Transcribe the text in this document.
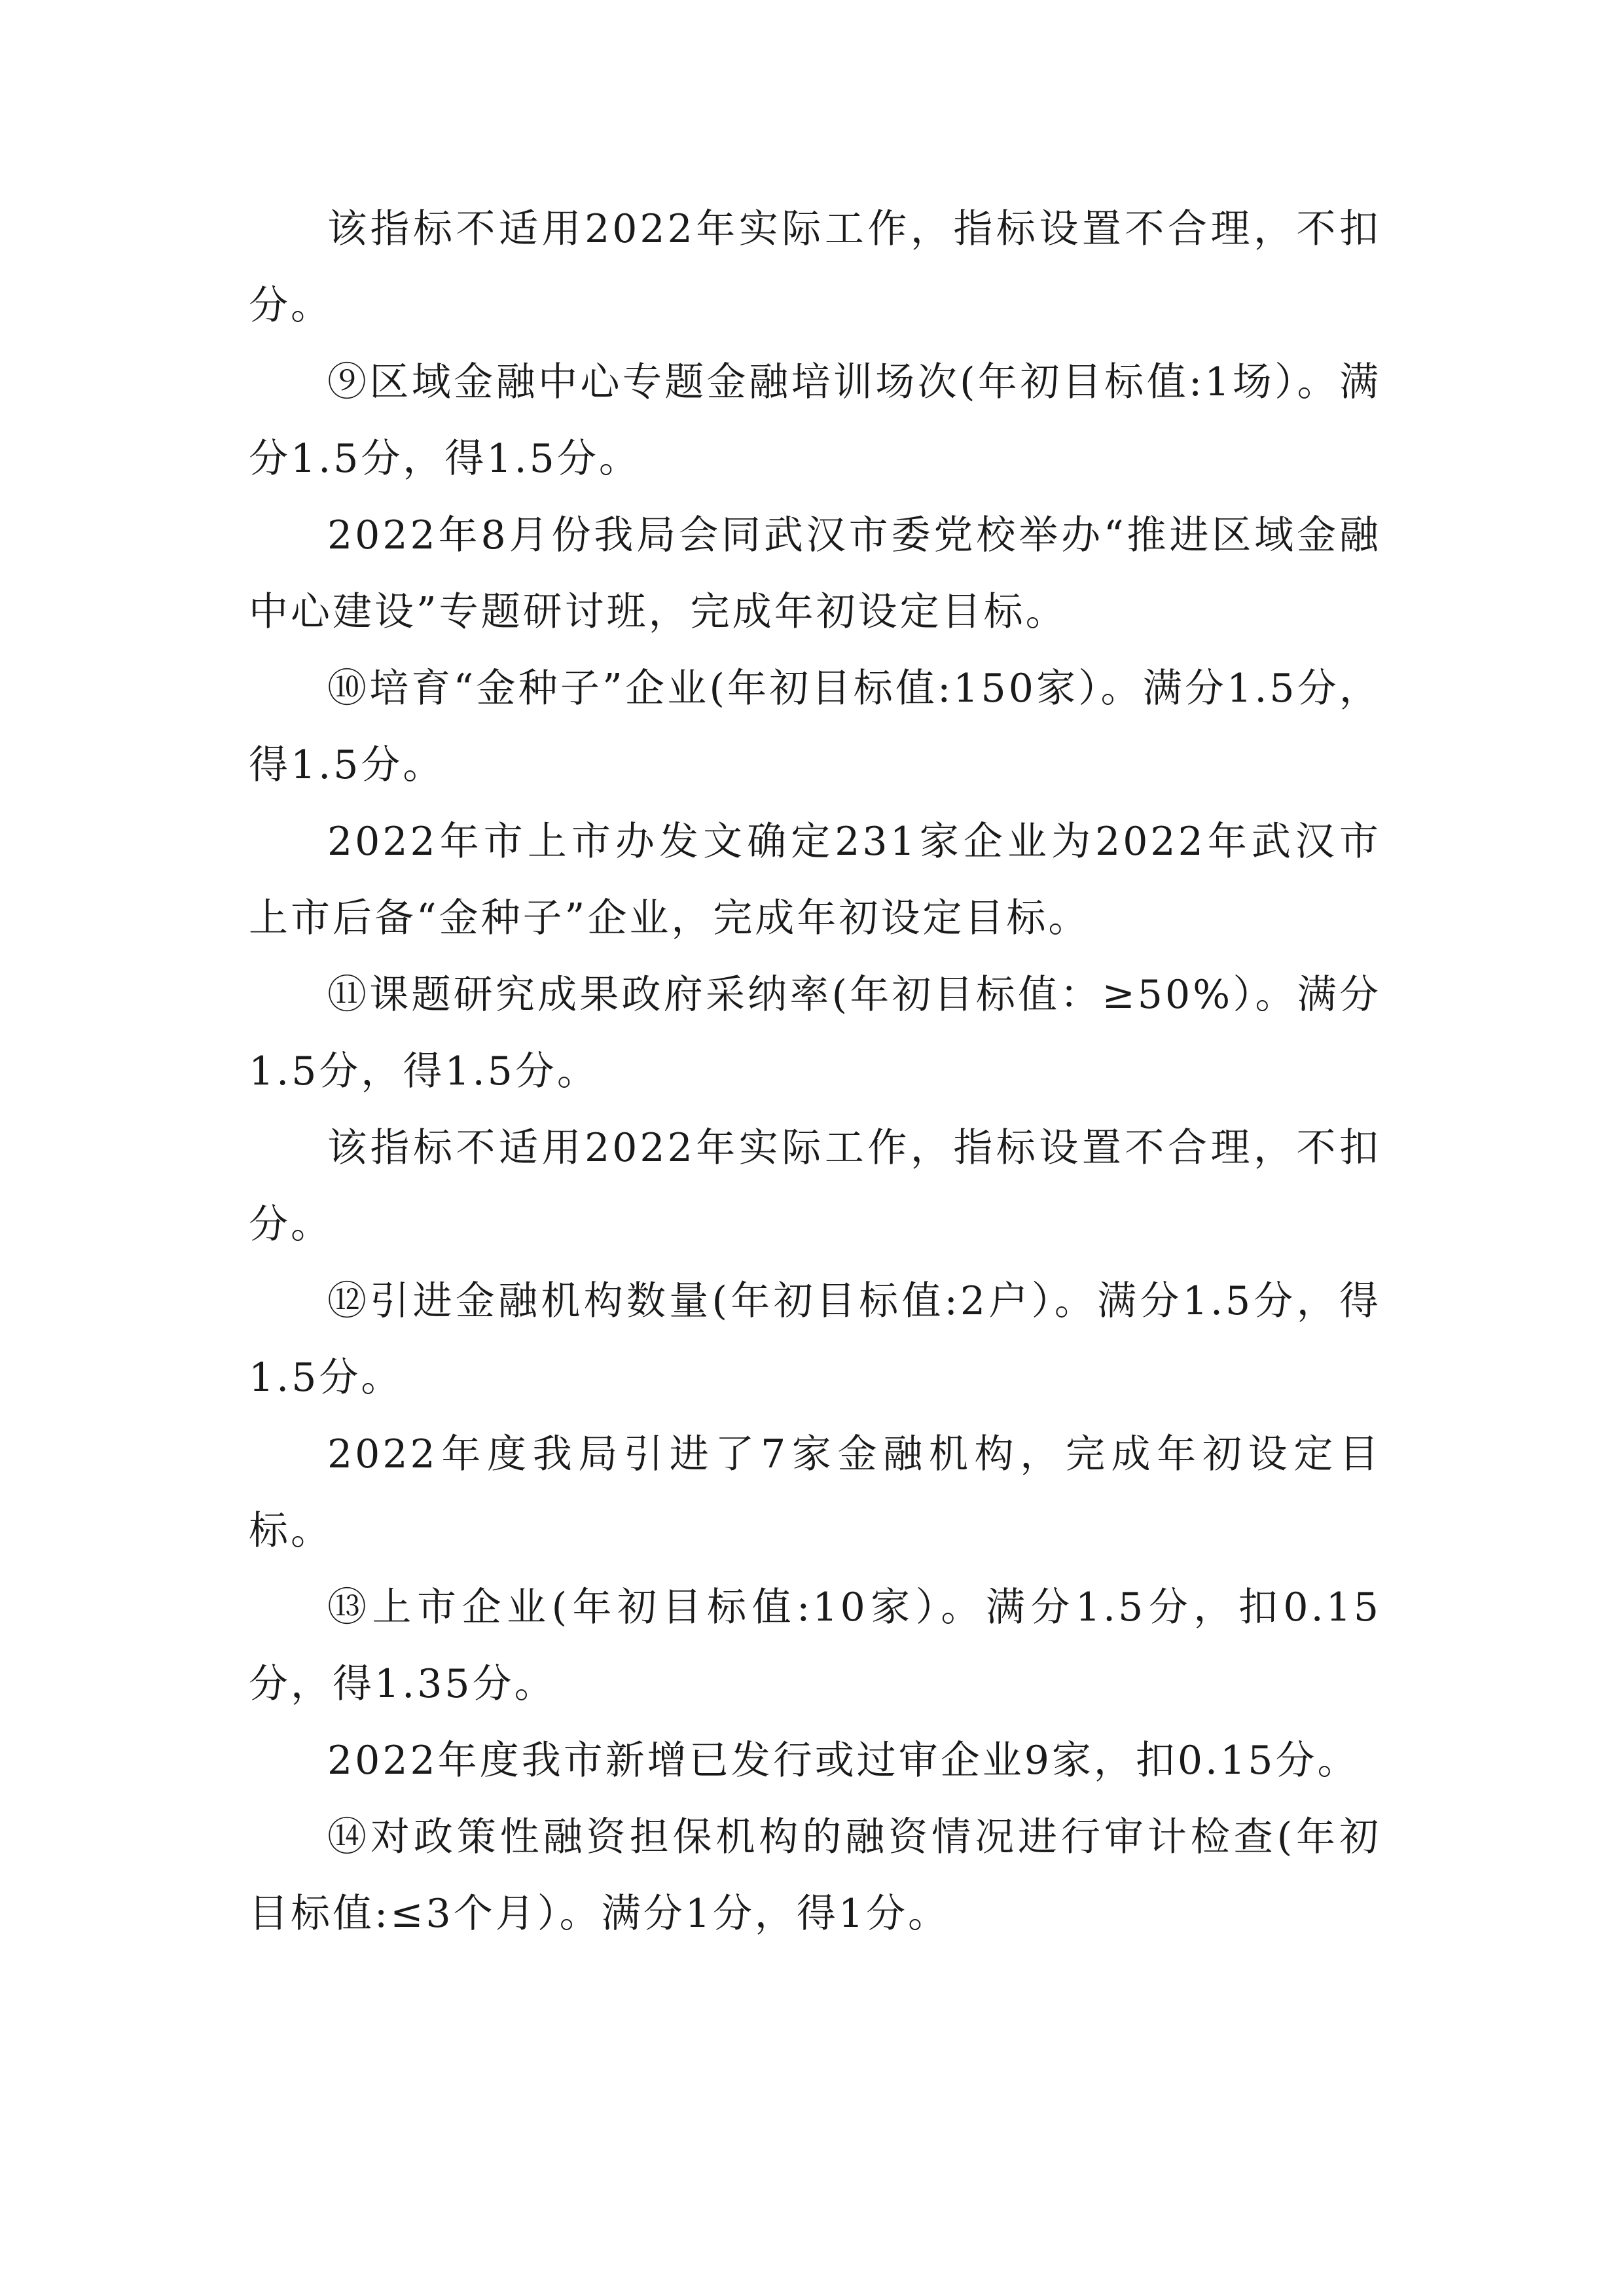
该指标不适用2022年实际工作，指标设置不合理，不扣分。

⑨区域金融中心专题金融培训场次(年初目标值:1场）。满分1.5分，得1.5分。

2022年8月份我局会同武汉市委党校举办“推进区域金融中心建设”专题研讨班，完成年初设定目标。

⑩培育“金种子”企业(年初目标值:150家）。满分1.5分，得1.5分。

2022年市上市办发文确定231家企业为2022年武汉市上市后备“金种子”企业，完成年初设定目标。

⑪课题研究成果政府采纳率(年初目标值：≥50%）。满分1.5分，得1.5分。

该指标不适用2022年实际工作，指标设置不合理，不扣分。

⑫引进金融机构数量(年初目标值:2户）。满分1.5分，得1.5分。

2022年度我局引进了7家金融机构，完成年初设定目标。

⑬上市企业(年初目标值:10家）。满分1.5分，扣0.15分，得1.35分。

2022年度我市新增已发行或过审企业9家，扣0.15分。

⑭对政策性融资担保机构的融资情况进行审计检查(年初目标值:≤3个月）。满分1分，得1分。
